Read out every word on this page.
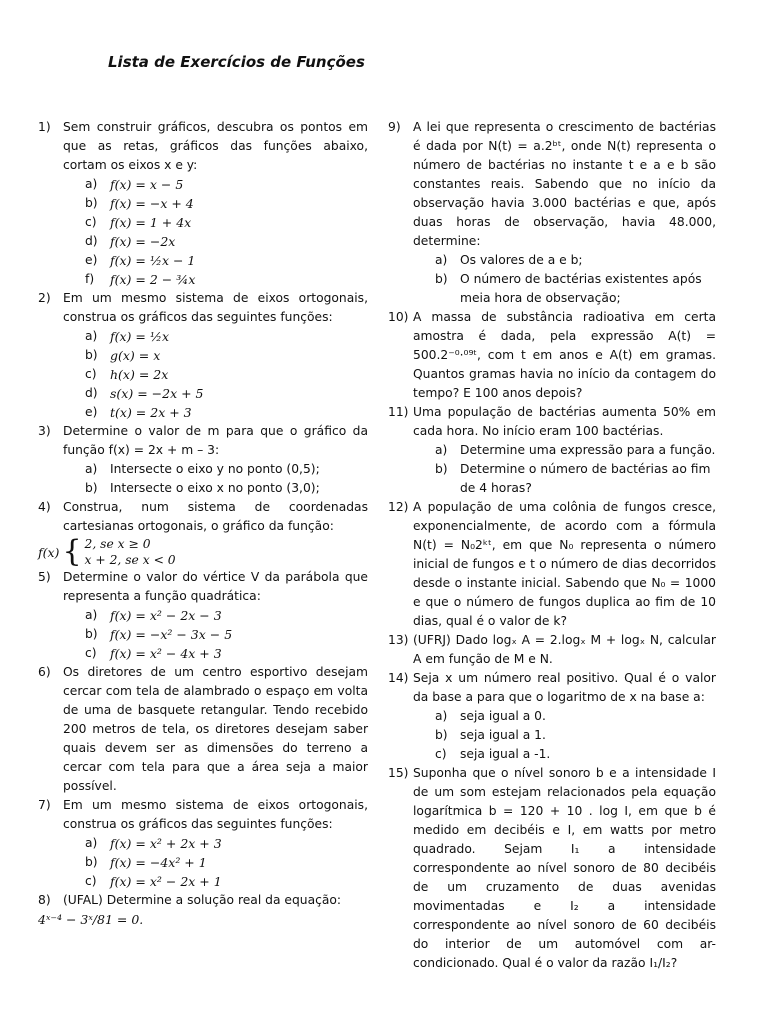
Lista de Exercícios de Funções
1)	Sem construir gráficos, descubra os pontos em que as retas, gráficos das funções abaixo, cortam os eixos x e y:
a)	f(x) = x − 5
b) f(x) = −x + 4
c)	f(x) = 1 + 4x
d) f(x) = −2x
e)	f(x) = ½x − 1
f)	f(x) = 2 − ¾x
2)	Em um mesmo sistema de eixos ortogonais, construa os gráficos das seguintes funções:
a)	f(x) = ½x
b) g(x) = x
c)	h(x) = 2x
d) s(x) = −2x + 5
e)	t(x) = 2x + 3
3)	Determine o valor de m para que o gráfico da função f(x) = 2x + m – 3:
a)	Intersecte o eixo y no ponto (0,5);
b)	Intersecte o eixo x no ponto (3,0);
4)	Construa, num sistema de coordenadas cartesianas ortogonais, o gráfico da função:
f(x) { 2, se x ≥ 0
x + 2, se x < 0
5)	Determine o valor do vértice V da parábola que representa a função quadrática:
a)	f(x) = x² − 2x − 3
b) f(x) = −x² − 3x − 5
c)	f(x) = x² − 4x + 3
6)	Os diretores de um centro esportivo desejam cercar com tela de alambrado o espaço em volta de uma de basquete retangular. Tendo recebido 200 metros de tela, os diretores desejam saber quais devem ser as dimensões do terreno a cercar com tela para que a área seja a maior possível.
7)	Em um mesmo sistema de eixos ortogonais, construa os gráficos das seguintes funções:
a)	f(x) = x² + 2x + 3
b) f(x) = −4x² + 1
c)	f(x) = x² − 2x + 1
8)	(UFAL) Determine a solução real da equação:
4ˣ⁻⁴ − 3ˣ/81 = 0.
9)	A lei que representa o crescimento de bactérias é dada por N(t) = a.2ᵇᵗ, onde N(t) representa o número de bactérias no instante t e a e b são constantes reais. Sabendo que no início da observação havia 3.000 bactérias e que, após duas horas de observação, havia 48.000, determine:
a)	Os valores de a e b;
b)	O número de bactérias existentes após meia hora de observação;
10) A massa de substância radioativa em certa amostra é dada, pela expressão A(t) = 500.2⁻⁰·⁰⁹ᵗ, com t em anos e A(t) em gramas. Quantos gramas havia no início da contagem do tempo? E 100 anos depois?
11) Uma população de bactérias aumenta 50% em cada hora. No início eram 100 bactérias.
a)	Determine uma expressão para a função.
b)	Determine o número de bactérias ao fim de 4 horas?
12) A população de uma colônia de fungos cresce, exponencialmente, de acordo com a fórmula N(t) = N₀2ᵏᵗ, em que N₀ representa o número inicial de fungos e t o número de dias decorridos desde o instante inicial. Sabendo que N₀ = 1000 e que o número de fungos duplica ao fim de 10 dias, qual é o valor de k?
13) (UFRJ) Dado logₓ A = 2.logₓ M + logₓ N, calcular A em função de M e N.
14) Seja x um número real positivo. Qual é o valor da base a para que o logaritmo de x na base a:
a)	seja igual a 0.
b)	seja igual a 1.
c)	seja igual a -1.
15) Suponha que o nível sonoro b e a intensidade I de um som estejam relacionados pela equação logarítmica b = 120 + 10 . log I, em que b é medido em decibéis e I, em watts por metro quadrado. Sejam I₁ a intensidade correspondente ao nível sonoro de 80 decibéis de um cruzamento de duas avenidas movimentadas e I₂ a intensidade correspondente ao nível sonoro de 60 decibéis do interior de um automóvel com ar-condicionado. Qual é o valor da razão I₁/I₂?
